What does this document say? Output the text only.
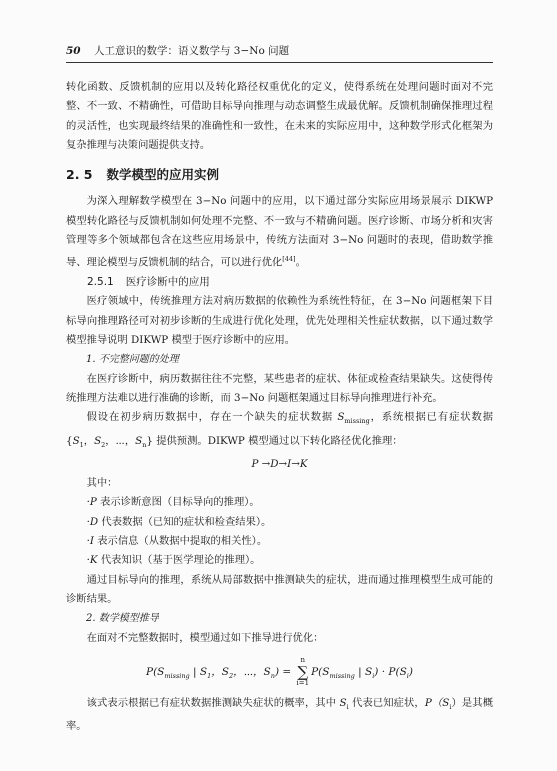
50 人工意识的数学：语义数学与 3−No 问题

转化函数、反馈机制的应用以及转化路径权重优化的定义，使得系统在处理问题时面对不完整、不一致、不精确性，可借助目标导向推理与动态调整生成最优解。反馈机制确保推理过程的灵活性，也实现最终结果的准确性和一致性，在未来的实际应用中，这种数学形式化框架为复杂推理与决策问题提供支持。

2. 5 数学模型的应用实例

为深入理解数学模型在 3−No 问题中的应用，以下通过部分实际应用场景展示 DIKWP 模型转化路径与反馈机制如何处理不完整、不一致与不精确问题。医疗诊断、市场分析和灾害管理等多个领域都包含在这些应用场景中，传统方法面对 3−No 问题时的表现，借助数学推导、理论模型与反馈机制的结合，可以进行优化[44]。

2.5.1 医疗诊断中的应用

医疗领域中，传统推理方法对病历数据的依赖性为系统性特征，在 3−No 问题框架下目标导向推理路径可对初步诊断的生成进行优化处理，优先处理相关性症状数据，以下通过数学模型推导说明 DIKWP 模型于医疗诊断中的应用。

1. 不完整问题的处理

在医疗诊断中，病历数据往往不完整，某些患者的症状、体征或检查结果缺失。这使得传统推理方法难以进行准确的诊断，而 3−No 问题框架通过目标导向推理进行补充。

假设在初步病历数据中，存在一个缺失的症状数据 $S_{missing}$，系统根据已有症状数据 {$S_1$，$S_2$，⋯，$S_n$} 提供预测。DIKWP 模型通过以下转化路径优化推理：

P →D→I→K

其中：

·P 表示诊断意图（目标导向的推理）。

·D 代表数据（已知的症状和检查结果）。

·I 表示信息（从数据中提取的相关性）。

·K 代表知识（基于医学理论的推理）。

通过目标导向的推理，系统从局部数据中推测缺失的症状，进而通过推理模型生成可能的诊断结果。

2. 数学模型推导

在面对不完整数据时，模型通过如下推导进行优化：

$P(S_{missing}$ | $S_1$，$S_2$，⋯，$S_n$) =
n
∑
i=1
$P(S_{missing}$ | $S_i) \cdot P(S_i)$

该式表示根据已有症状数据推测缺失症状的概率，其中 $S_i$ 代表已知症状，$P(S_i)$是其概率。
